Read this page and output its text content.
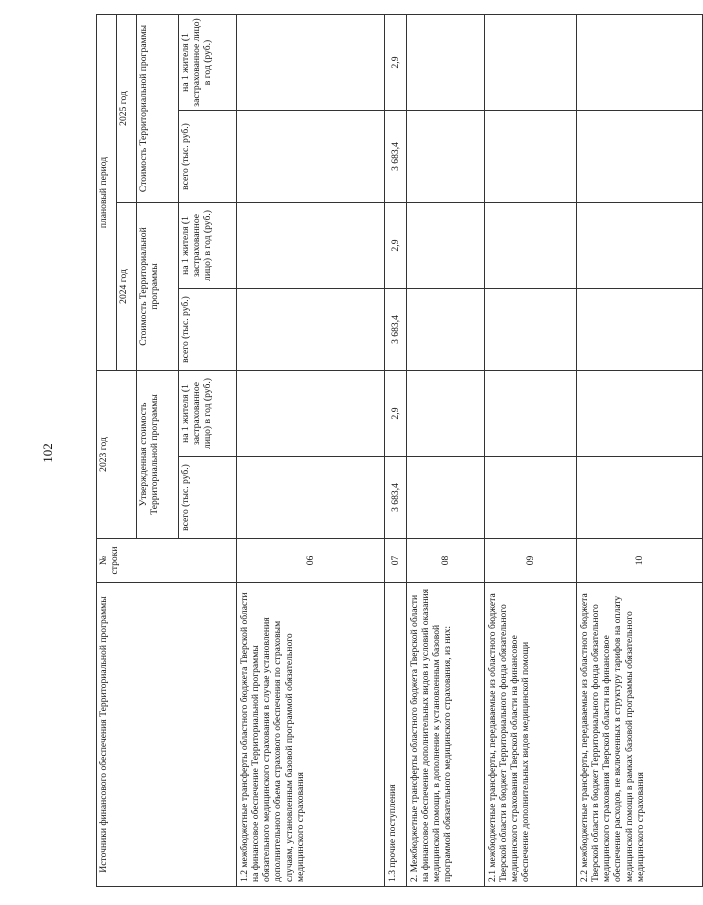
102
Источники финансового обеспечения Территориальной программы	№ строки	2023 год		плановый период			
				2024 год		2025 год	
		Утвержденная стоимость Территориальной программы		Стоимость Территориальной программы		Стоимость Территориальной программы	
		всего (тыс. руб.)	на 1 жителя (1 застрахованное лицо) в год (руб.)	всего (тыс. руб.)	на 1 жителя (1 застрахованное лицо) в год (руб.)	всего (тыс. руб.)	на 1 жителя (1 застрахованное лицо) в год (руб.)
1.2 межбюджетные трансферты областного бюджета Тверской области на финансовое обеспечение Территориальной программы обязательного медицинского страхования в случае установления дополнительного объема страхового обеспечения по страховым случаям, установленным базовой программой обязательного медицинского страхования	06						
1.3 прочие поступления	07	3 683,4	2,9	3 683,4	2,9	3 683,4	2,9
2. Межбюджетные трансферты областного бюджета Тверской области на финансовое обеспечение дополнительных видов и условий оказания медицинской помощи, в дополнение к установленным базовой программой обязательного медицинского страхования, из них:	08						
2.1 межбюджетные трансферты, передаваемые из областного бюджета Тверской области в бюджет Территориального фонда обязательного медицинского страхования Тверской области на финансовое обеспечение дополнительных видов медицинской помощи	09						
2.2 межбюджетные трансферты, передаваемые из областного бюджета Тверской области в бюджет Территориального фонда обязательного медицинского страхования Тверской области на финансовое обеспечение расходов, не включенных в структуру тарифов на оплату медицинской помощи в рамках базовой программы обязательного медицинского страхования	10						
